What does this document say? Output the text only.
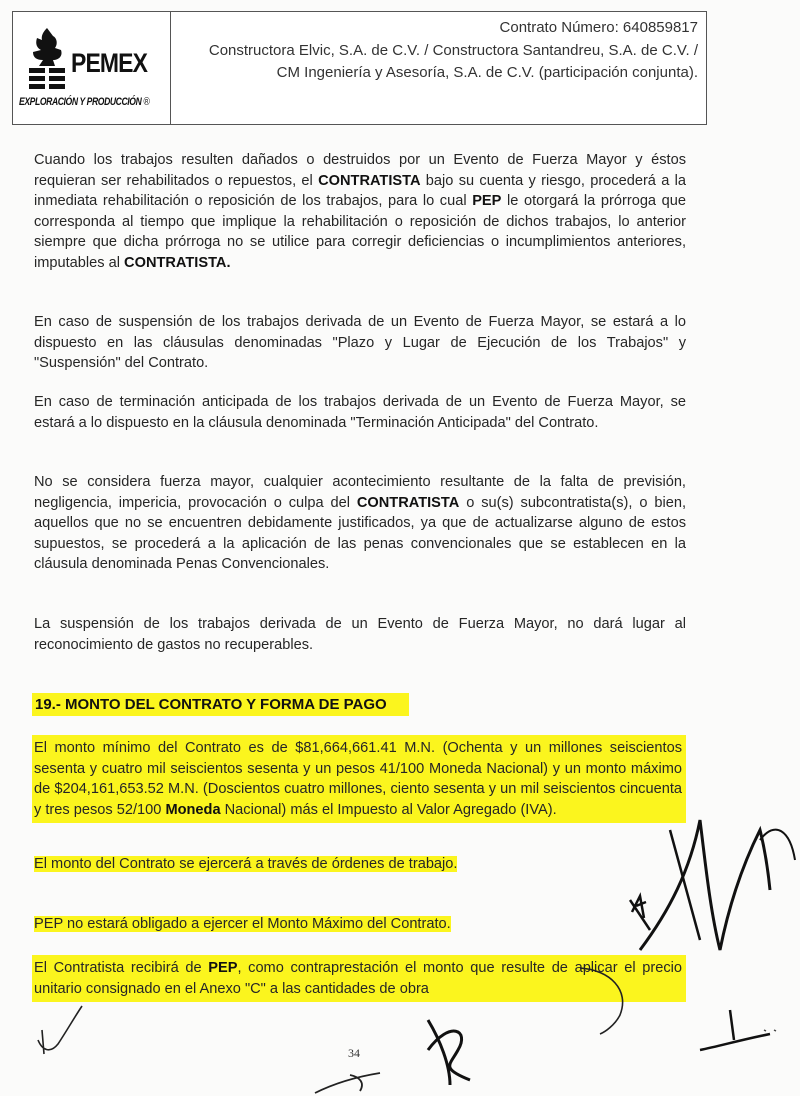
PEMEX
EXPLORACIÓN Y PRODUCCIÓN ®
Contrato Número: 640859817
Constructora Elvic, S.A. de C.V. / Constructora Santandreu, S.A. de C.V. / CM Ingeniería y Asesoría, S.A. de C.V. (participación conjunta).
Cuando los trabajos resulten dañados o destruidos por un Evento de Fuerza Mayor y éstos requieran ser rehabilitados o repuestos, el CONTRATISTA bajo su cuenta y riesgo, procederá a la inmediata rehabilitación o reposición de los trabajos, para lo cual PEP le otorgará la prórroga que corresponda al tiempo que implique la rehabilitación o reposición de dichos trabajos, lo anterior siempre que dicha prórroga no se utilice para corregir deficiencias o incumplimientos anteriores, imputables al CONTRATISTA.
En caso de suspensión de los trabajos derivada de un Evento de Fuerza Mayor, se estará a lo dispuesto en las cláusulas denominadas "Plazo y Lugar de Ejecución de los Trabajos" y "Suspensión" del Contrato.
En caso de terminación anticipada de los trabajos derivada de un Evento de Fuerza Mayor, se estará a lo dispuesto en la cláusula denominada "Terminación Anticipada" del Contrato.
No se considera fuerza mayor, cualquier acontecimiento resultante de la falta de previsión, negligencia, impericia, provocación o culpa del CONTRATISTA o su(s) subcontratista(s), o bien, aquellos que no se encuentren debidamente justificados, ya que de actualizarse alguno de estos supuestos, se procederá a la aplicación de las penas convencionales que se establecen en la cláusula denominada Penas Convencionales.
La suspensión de los trabajos derivada de un Evento de Fuerza Mayor, no dará lugar al reconocimiento de gastos no recuperables.
19.- MONTO DEL CONTRATO Y FORMA DE PAGO
El monto mínimo del Contrato es de $81,664,661.41 M.N. (Ochenta y un millones seiscientos sesenta y cuatro mil seiscientos sesenta y un pesos 41/100 Moneda Nacional) y un monto máximo de $204,161,653.52 M.N. (Doscientos cuatro millones, ciento sesenta y un mil seiscientos cincuenta y tres pesos 52/100 Moneda Nacional) más el Impuesto al Valor Agregado (IVA).
El monto del Contrato se ejercerá a través de órdenes de trabajo.
PEP no estará obligado a ejercer el Monto Máximo del Contrato.
El Contratista recibirá de PEP, como contraprestación el monto que resulte de aplicar el precio unitario consignado en el Anexo "C" a las cantidades de obra
34
